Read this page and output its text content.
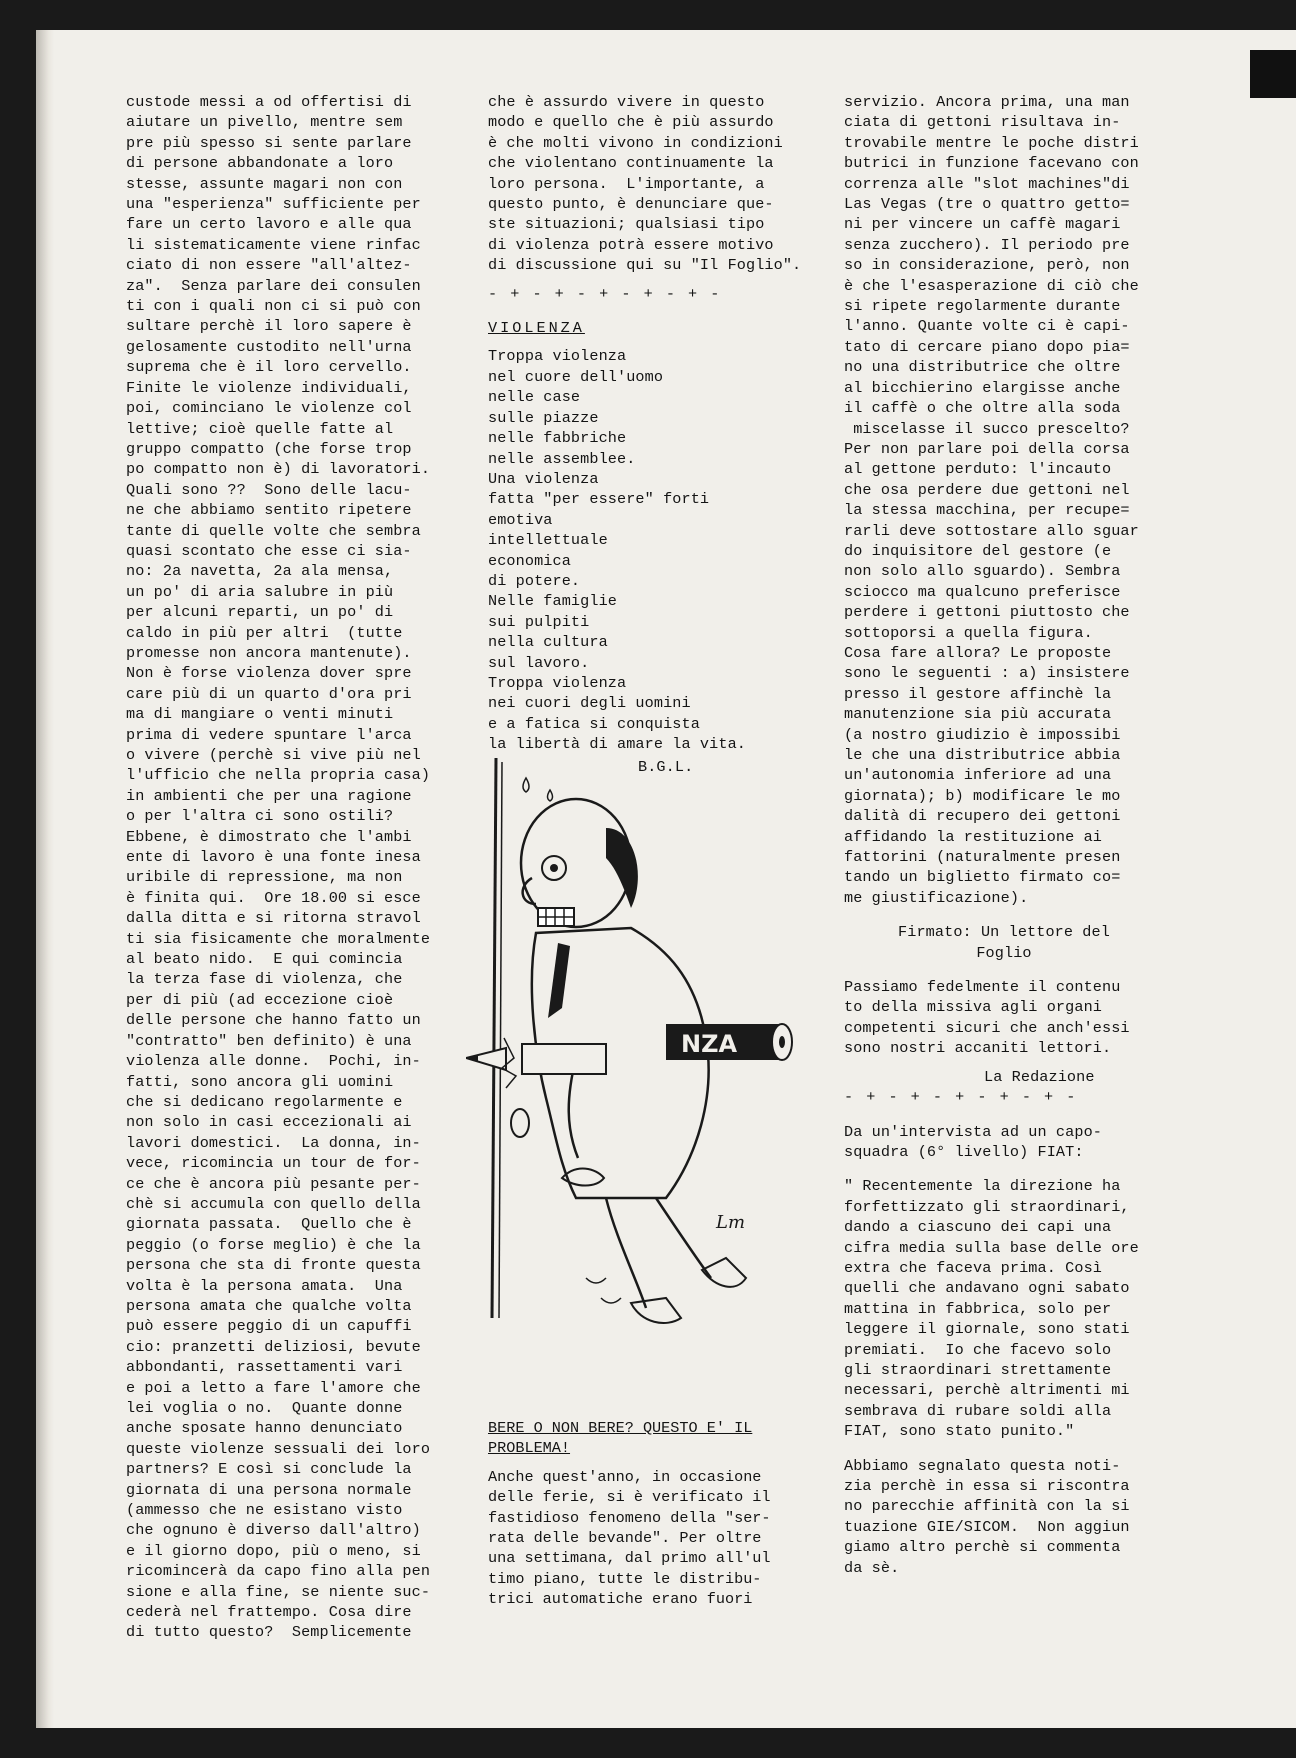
custode messi a od offertisi di

aiutare un pivello, mentre sem

pre più spesso si sente parlare

di persone abbandonate a loro

stesse, assunte magari non con

una "esperienza" sufficiente per

fare un certo lavoro e alle qua

li sistematicamente viene rinfac

ciato di non essere "all'altez-

za".  Senza parlare dei consulen

ti con i quali non ci si può con

sultare perchè il loro sapere è

gelosamente custodito nell'urna

suprema che è il loro cervello.

Finite le violenze individuali,

poi, cominciano le violenze col

lettive; cioè quelle fatte al

gruppo compatto (che forse trop

po compatto non è) di lavoratori.

Quali sono ??  Sono delle lacu-

ne che abbiamo sentito ripetere

tante di quelle volte che sembra

quasi scontato che esse ci sia-

no: 2a navetta, 2a ala mensa,

un po' di aria salubre in più

per alcuni reparti, un po' di

caldo in più per altri  (tutte

promesse non ancora mantenute).

Non è forse violenza dover spre

care più di un quarto d'ora pri

ma di mangiare o venti minuti

prima di vedere spuntare l'arca

o vivere (perchè si vive più nel

l'ufficio che nella propria casa)

in ambienti che per una ragione

o per l'altra ci sono ostili?

Ebbene, è dimostrato che l'ambi

ente di lavoro è una fonte inesa

uribile di repressione, ma non

è finita qui.  Ore 18.00 si esce

dalla ditta e si ritorna stravol

ti sia fisicamente che moralmente

al beato nido.  E qui comincia

la terza fase di violenza, che

per di più (ad eccezione cioè

delle persone che hanno fatto un

"contratto" ben definito) è una

violenza alle donne.  Pochi, in-

fatti, sono ancora gli uomini

che si dedicano regolarmente e

non solo in casi eccezionali ai

lavori domestici.  La donna, in-

vece, ricomincia un tour de for-

ce che è ancora più pesante per-

chè si accumula con quello della

giornata passata.  Quello che è

peggio (o forse meglio) è che la

persona che sta di fronte questa

volta è la persona amata.  Una

persona amata che qualche volta

può essere peggio di un capuffi

cio: pranzetti deliziosi, bevute

abbondanti, rassettamenti vari

e poi a letto a fare l'amore che

lei voglia o no.  Quante donne

anche sposate hanno denunciato

queste violenze sessuali dei loro

partners? E così si conclude la

giornata di una persona normale

(ammesso che ne esistano visto

che ognuno è diverso dall'altro)

e il giorno dopo, più o meno, si

ricomincerà da capo fino alla pen

sione e alla fine, se niente suc-

cederà nel frattempo. Cosa dire

di tutto questo?  Semplicemente

che è assurdo vivere in questo

modo e quello che è più assurdo

è che molti vivono in condizioni

che violentano continuamente la

loro persona.  L'importante, a

questo punto, è denunciare que-

ste situazioni; qualsiasi tipo

di violenza potrà essere motivo

di discussione qui su "Il Foglio".

- + - + - + - + - + -

VIOLENZA

Troppa violenza

nel cuore dell'uomo

nelle case

sulle piazze

nelle fabbriche

nelle assemblee.

Una violenza

fatta "per essere" forti

emotiva

intellettuale

economica

di potere.

Nelle famiglie

sui pulpiti

nella cultura

sul lavoro.

Troppa violenza

nei cuori degli uomini

e a fatica si conquista

la libertà di amare la vita.

B.G.L.

NZA
Lm

BERE O NON BERE? QUESTO E' IL

PROBLEMA!

Anche quest'anno, in occasione

delle ferie, si è verificato il

fastidioso fenomeno della "ser-

rata delle bevande". Per oltre

una settimana, dal primo all'ul

timo piano, tutte le distribu-

trici automatiche erano fuori

servizio. Ancora prima, una man

ciata di gettoni risultava in-

trovabile mentre le poche distri

butrici in funzione facevano con

correnza alle "slot machines"di

Las Vegas (tre o quattro getto=

ni per vincere un caffè magari

senza zucchero). Il periodo pre

so in considerazione, però, non

è che l'esasperazione di ciò che

si ripete regolarmente durante

l'anno. Quante volte ci è capi-

tato di cercare piano dopo pia=

no una distributrice che oltre

al bicchierino elargisse anche

il caffè o che oltre alla soda

miscelasse il succo prescelto?

Per non parlare poi della corsa

al gettone perduto: l'incauto

che osa perdere due gettoni nel

la stessa macchina, per recupe=

rarli deve sottostare allo sguar

do inquisitore del gestore (e

non solo allo sguardo). Sembra

sciocco ma qualcuno preferisce

perdere i gettoni piuttosto che

sottoporsi a quella figura.

Cosa fare allora? Le proposte

sono le seguenti : a) insistere

presso il gestore affinchè la

manutenzione sia più accurata

(a nostro giudizio è impossibi

le che una distributrice abbia

un'autonomia inferiore ad una

giornata); b) modificare le mo

dalità di recupero dei gettoni

affidando la restituzione ai

fattorini (naturalmente presen

tando un biglietto firmato co=

me giustificazione).

Firmato: Un lettore del

Foglio

Passiamo fedelmente il contenu

to della missiva agli organi

competenti sicuri che anch'essi

sono nostri accaniti lettori.

La Redazione

- + - + - + - + - + -

Da un'intervista ad un capo-

squadra (6° livello) FIAT:

" Recentemente la direzione ha

forfettizzato gli straordinari,

dando a ciascuno dei capi una

cifra media sulla base delle ore

extra che faceva prima. Così

quelli che andavano ogni sabato

mattina in fabbrica, solo per

leggere il giornale, sono stati

premiati.  Io che facevo solo

gli straordinari strettamente

necessari, perchè altrimenti mi

sembrava di rubare soldi alla

FIAT, sono stato punito."

Abbiamo segnalato questa noti-

zia perchè in essa si riscontra

no parecchie affinità con la si

tuazione GIE/SICOM.  Non aggiun

giamo altro perchè si commenta

da sè.
